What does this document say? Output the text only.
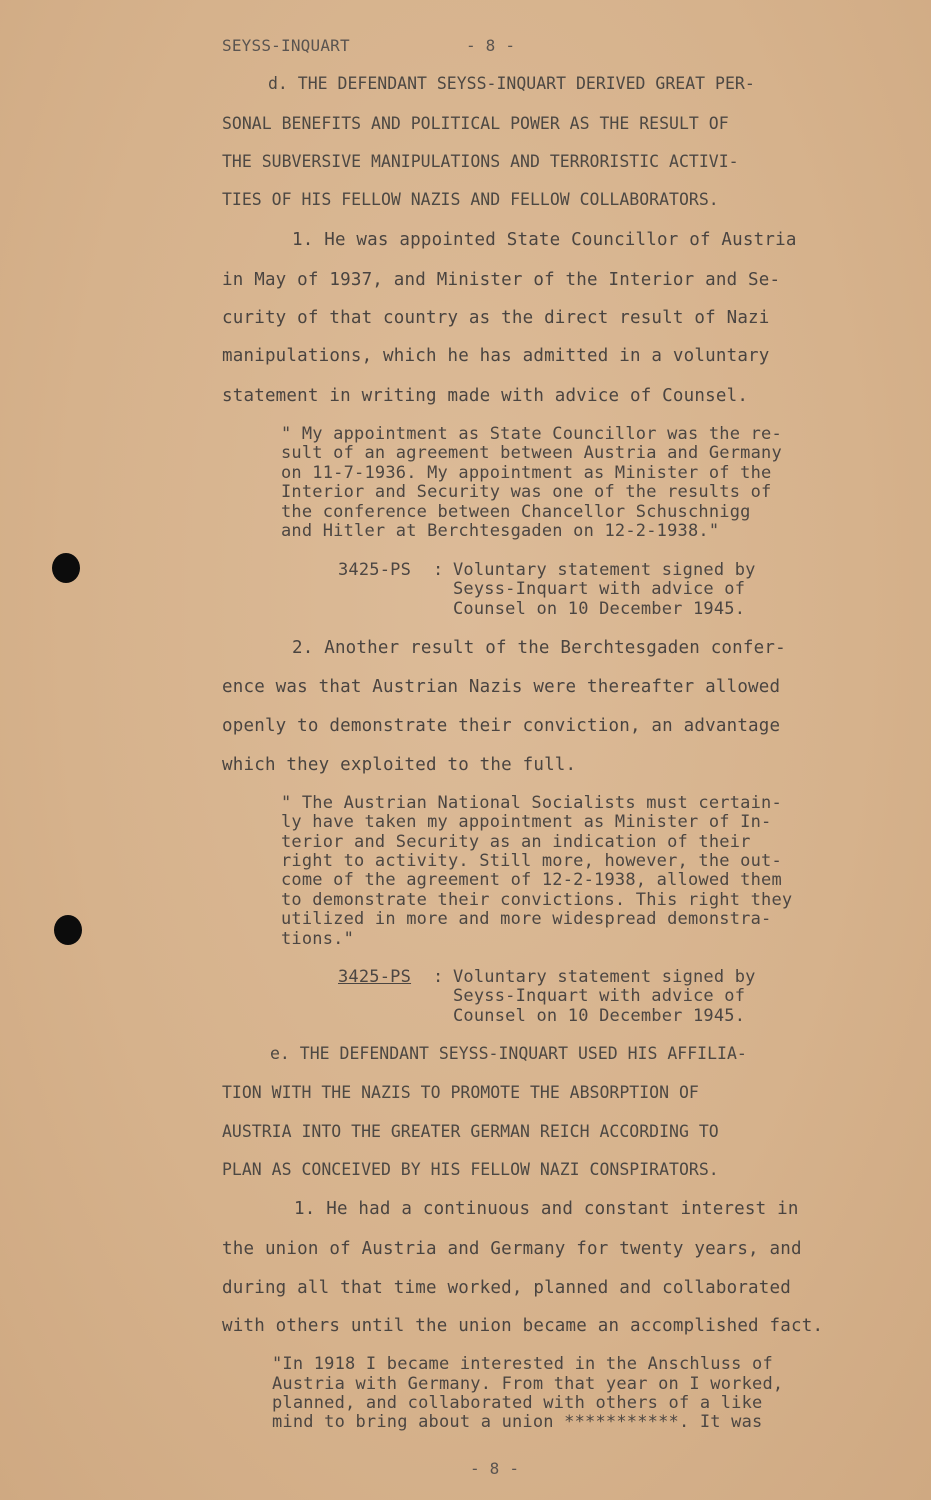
SEYSS-INQUART	- 8 -
d. THE DEFENDANT SEYSS-INQUART DERIVED GREAT PER-
SONAL BENEFITS AND POLITICAL POWER AS THE RESULT OF
THE SUBVERSIVE MANIPULATIONS AND TERRORISTIC ACTIVI-
TIES OF HIS FELLOW NAZIS AND FELLOW COLLABORATORS.
1. He was appointed State Councillor of Austria
in May of 1937, and Minister of the Interior and Se-
curity of that country as the direct result of Nazi
manipulations, which he has admitted in a voluntary
statement in writing made with advice of Counsel.
" My appointment as State Councillor was the re-
sult of an agreement between Austria and Germany
on 11-7-1936. My appointment as Minister of the
Interior and Security was one of the results of
the conference between Chancellor Schuschnigg
and Hitler at Berchtesgaden on 12-2-1938."
3425-PS : Voluntary statement signed by
Seyss-Inquart with advice of
Counsel on 10 December 1945.
2. Another result of the Berchtesgaden confer-
ence was that Austrian Nazis were thereafter allowed
openly to demonstrate their conviction, an advantage
which they exploited to the full.
" The Austrian National Socialists must certain-
ly have taken my appointment as Minister of In-
terior and Security as an indication of their
right to activity. Still more, however, the out-
come of the agreement of 12-2-1938, allowed them
to demonstrate their convictions. This right they
utilized in more and more widespread demonstra-
tions."
3425-PS : Voluntary statement signed by
Seyss-Inquart with advice of
Counsel on 10 December 1945.
e. THE DEFENDANT SEYSS-INQUART USED HIS AFFILIA-
TION WITH THE NAZIS TO PROMOTE THE ABSORPTION OF
AUSTRIA INTO THE GREATER GERMAN REICH ACCORDING TO
PLAN AS CONCEIVED BY HIS FELLOW NAZI CONSPIRATORS.
1. He had a continuous and constant interest in
the union of Austria and Germany for twenty years, and
during all that time worked, planned and collaborated
with others until the union became an accomplished fact.
"In 1918 I became interested in the Anschluss of
Austria with Germany. From that year on I worked,
planned, and collaborated with others of a like
mind to bring about a union ***********. It was
- 8 -
